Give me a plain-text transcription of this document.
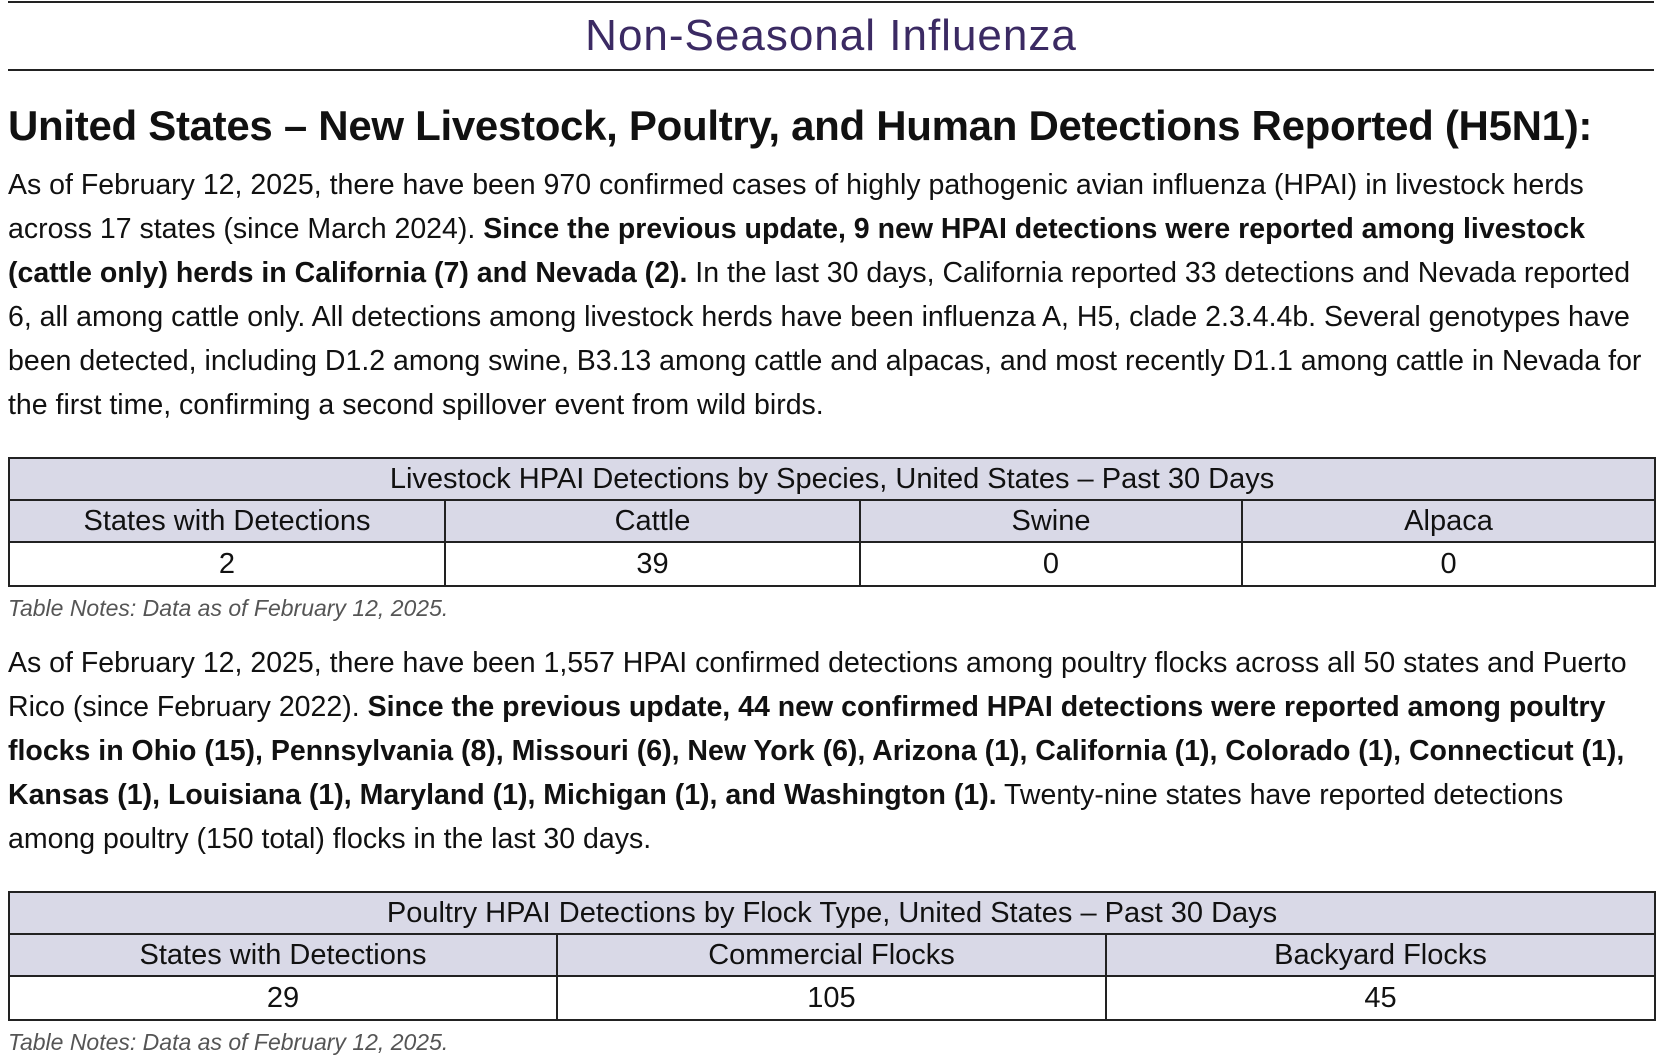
Non-Seasonal Influenza
United States – New Livestock, Poultry, and Human Detections Reported (H5N1):

As of February 12, 2025, there have been 970 confirmed cases of highly pathogenic avian influenza (HPAI) in livestock herds across 17 states (since March 2024). Since the previous update, 9 new HPAI detections were reported among livestock (cattle only) herds in California (7) and Nevada (2). In the last 30 days, California reported 33 detections and Nevada reported 6, all among cattle only. All detections among livestock herds have been influenza A, H5, clade 2.3.4.4b. Several genotypes have been detected, including D1.2 among swine, B3.13 among cattle and alpacas, and most recently D1.1 among cattle in Nevada for the first time, confirming a second spillover event from wild birds.

Livestock HPAI Detections by Species, United States – Past 30 Days			
States with Detections	Cattle	Swine	Alpaca
2	39	0	0

Table Notes: Data as of February 12, 2025.

As of February 12, 2025, there have been 1,557 HPAI confirmed detections among poultry flocks across all 50 states and Puerto Rico (since February 2022). Since the previous update, 44 new confirmed HPAI detections were reported among poultry flocks in Ohio (15), Pennsylvania (8), Missouri (6), New York (6), Arizona (1), California (1), Colorado (1), Connecticut (1), Kansas (1), Louisiana (1), Maryland (1), Michigan (1), and Washington (1). Twenty-nine states have reported detections among poultry (150 total) flocks in the last 30 days.

Poultry HPAI Detections by Flock Type, United States – Past 30 Days		
States with Detections	Commercial Flocks	Backyard Flocks
29	105	45

Table Notes: Data as of February 12, 2025.
